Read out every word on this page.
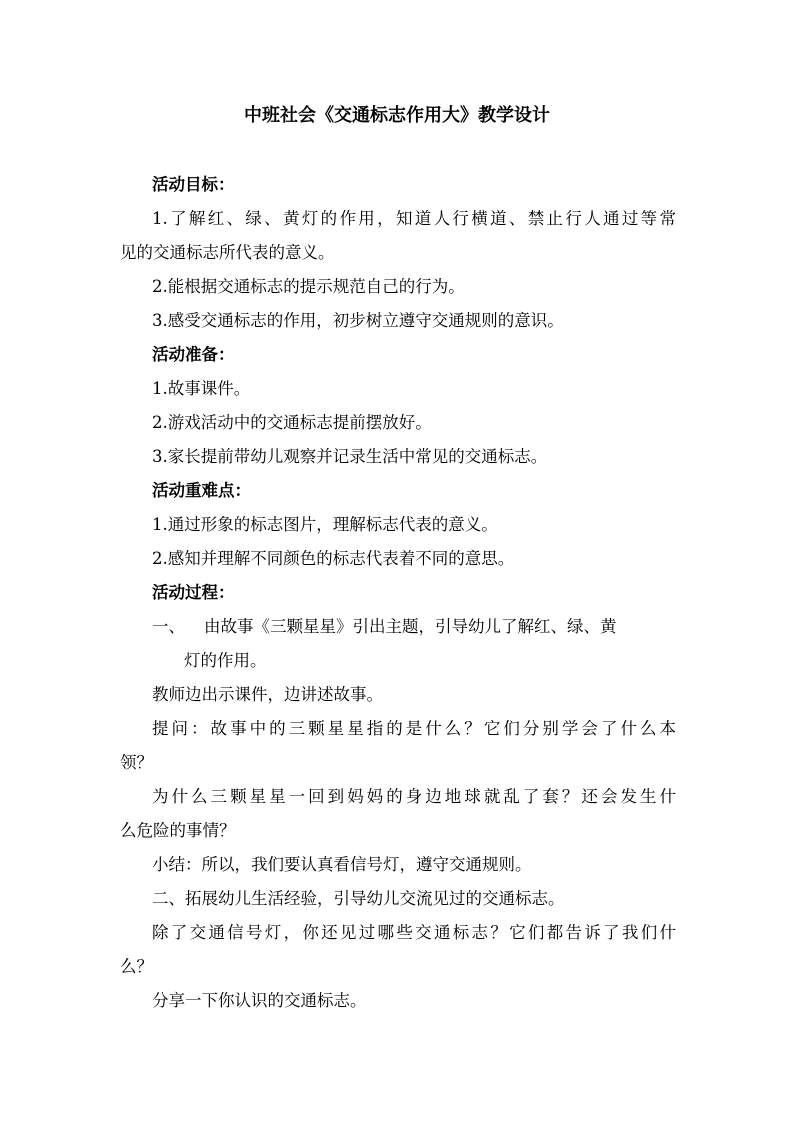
中班社会《交通标志作用大》教学设计
活动目标：
1.了解红、绿、黄灯的作用，知道人行横道、禁止行人通过等常
见的交通标志所代表的意义。
2.能根据交通标志的提示规范自己的行为。
3.感受交通标志的作用，初步树立遵守交通规则的意识。
活动准备：
1.故事课件。
2.游戏活动中的交通标志提前摆放好。
3.家长提前带幼儿观察并记录生活中常见的交通标志。
活动重难点：
1.通过形象的标志图片，理解标志代表的意义。
2.感知并理解不同颜色的标志代表着不同的意思。
活动过程：
一、 由故事《三颗星星》引出主题，引导幼儿了解红、绿、黄
灯的作用。
教师边出示课件，边讲述故事。
提问：故事中的三颗星星指的是什么？它们分别学会了什么本
领？
为什么三颗星星一回到妈妈的身边地球就乱了套？还会发生什
么危险的事情？
小结：所以，我们要认真看信号灯，遵守交通规则。
二、拓展幼儿生活经验，引导幼儿交流见过的交通标志。
除了交通信号灯，你还见过哪些交通标志？它们都告诉了我们什
么？
分享一下你认识的交通标志。
